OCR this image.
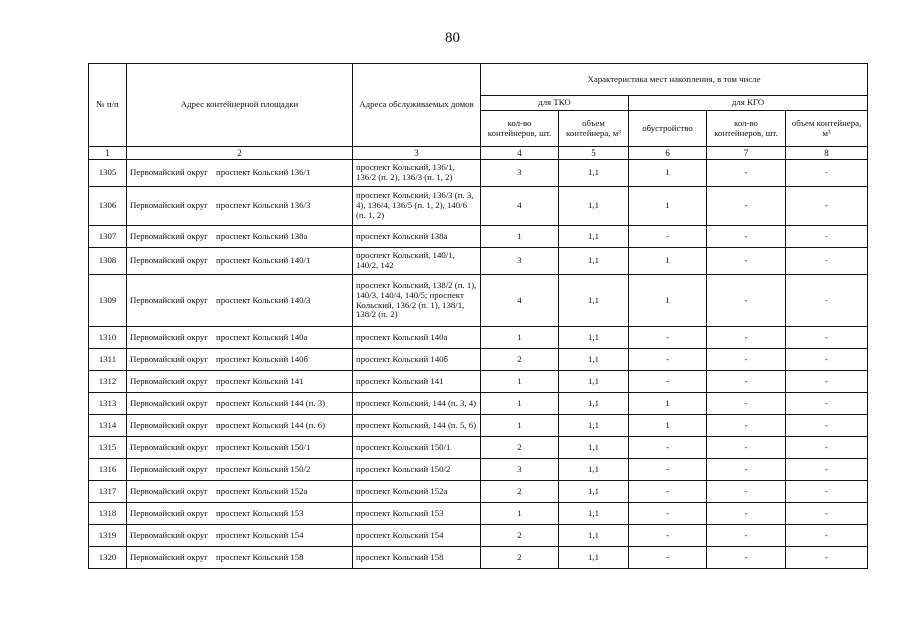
80
№ п/п	Адрес контейнерной площадки	Адреса обслуживаемых домов	Характеристика мест накопления, в том числе				
			для ТКО		для КГО		
			кол-во контейнеров, шт.	объем контейнера, м³	обустройство	кол-во контейнеров, шт.	объем контейнера, м³
1	2	3	4	5	6	7	8
1305	Первомайский округ проспект Кольский 136/1	проспект Кольский, 136/1, 136/2 (п. 2), 136/3 (п. 1, 2)	3	1,1	1	-	-
1306	Первомайский округ проспект Кольский 136/3	проспект Кольский, 136/3 (п. 3, 4), 136/4, 136/5 (п. 1, 2), 140/6 (п. 1, 2)	4	1,1	1	-	-
1307	Первомайский округ проспект Кольский 138а	проспект Кольский 138а	1	1,1	-	-	-
1308	Первомайский округ проспект Кольский 140/1	проспект Кольский, 140/1, 140/2, 142	3	1,1	1	-	-
1309	Первомайский округ проспект Кольский 140/3	проспект Кольский, 138/2 (п. 1), 140/3, 140/4, 140/5; проспект Кольский, 136/2 (п. 1), 138/1, 138/2 (п. 2)	4	1,1	1	-	-
1310	Первомайский округ проспект Кольский 140а	проспект Кольский 140а	1	1,1	-	-	-
1311	Первомайский округ проспект Кольский 140б	проспект Кольский 140б	2	1,1	-	-	-
1312	Первомайский округ проспект Кольский 141	проспект Кольский 141	1	1,1	-	-	-
1313	Первомайский округ проспект Кольский 144 (п. 3)	проспект Кольский, 144 (п. 3, 4)	1	1,1	1	-	-
1314	Первомайский округ проспект Кольский 144 (п. 6)	проспект Кольский, 144 (п. 5, 6)	1	1,1	1	-	-
1315	Первомайский округ проспект Кольский 150/1	проспект Кольский 150/1	2	1,1	-	-	-
1316	Первомайский округ проспект Кольский 150/2	проспект Кольский 150/2	3	1,1	-	-	-
1317	Первомайский округ проспект Кольский 152а	проспект Кольский 152а	2	1,1	-	-	-
1318	Первомайский округ проспект Кольский 153	проспект Кольский 153	1	1,1	-	-	-
1319	Первомайский округ проспект Кольский 154	проспект Кольский 154	2	1,1	-	-	-
1320	Первомайский округ проспект Кольский 158	проспект Кольский 158	2	1,1	-	-	-
